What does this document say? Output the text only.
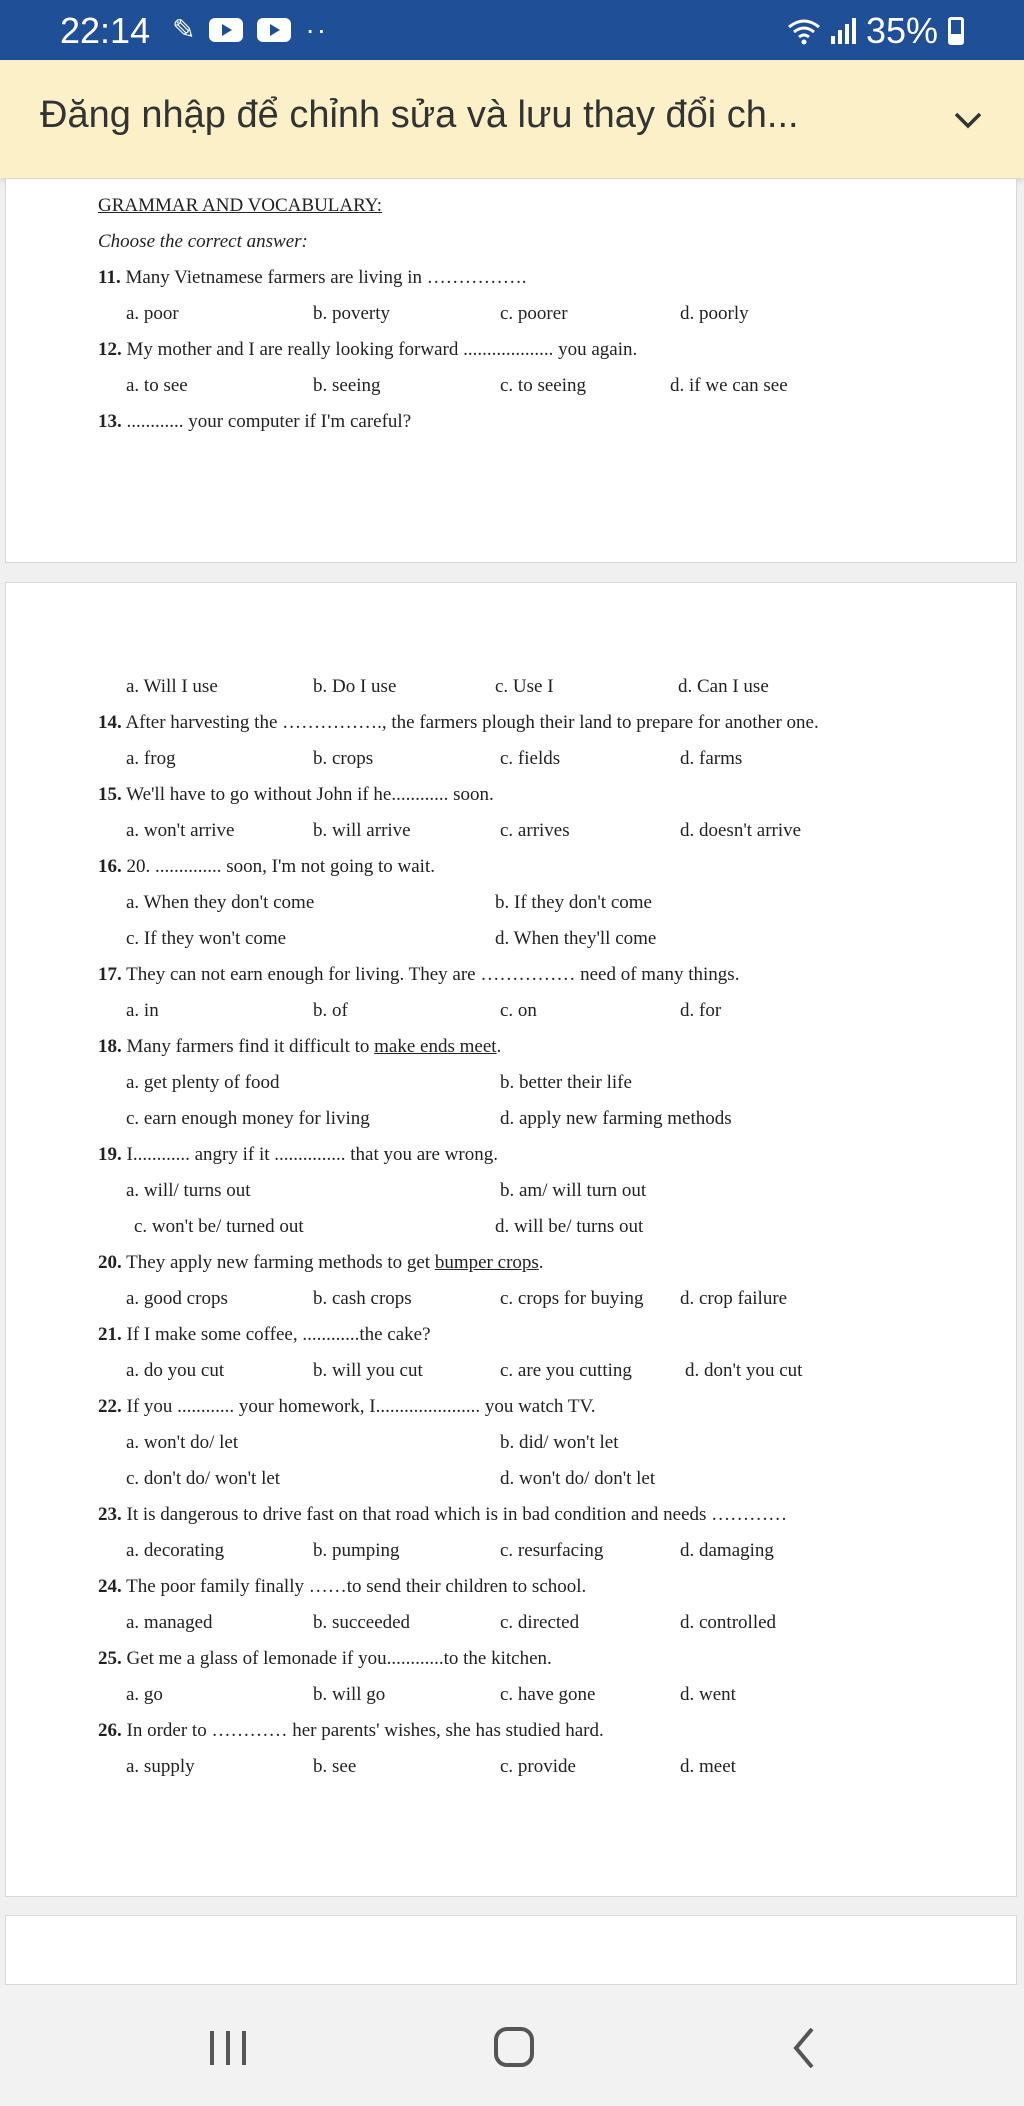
22:14 ✎	··	35%
Đăng nhập để chỉnh sửa và lưu thay đổi ch...
GRAMMAR AND VOCABULARY:
Choose the correct answer:
11. Many Vietnamese farmers are living in …………….
a. poor	b. poverty	c. poorer	d. poorly
12. My mother and I are really looking forward ................... you again.
a. to see	b. seeing	c. to seeing	d. if we can see
13. ............ your computer if I'm careful?
a. Will I use	b. Do I use	c. Use I	d. Can I use
14. After harvesting the ……………., the farmers plough their land to prepare for another one.
a. frog	b. crops	c. fields	d. farms
15. We'll have to go without John if he............ soon.
a. won't arrive	b. will arrive	c. arrives	d. doesn't arrive
16. 20. .............. soon, I'm not going to wait.
a. When they don't come	b. If they don't come
c. If they won't come	d. When they'll come
17. They can not earn enough for living. They are …………… need of many things.
a. in	b. of	c. on	d. for
18. Many farmers find it difficult to make ends meet.
a. get plenty of food	b. better their life
c. earn enough money for living	d. apply new farming methods
19. I............ angry if it ............... that you are wrong.
a. will/ turns out	b. am/ will turn out
c. won't be/ turned out	d. will be/ turns out
20. They apply new farming methods to get bumper crops.
a. good crops	b. cash crops	c. crops for buying d. crop failure
21. If I make some coffee, ............the cake?
a. do you cut	b. will you cut	c. are you cutting	d. don't you cut
22. If you ............ your homework, I...................... you watch TV.
a. won't do/ let	b. did/ won't let
c. don't do/ won't let	d. won't do/ don't let
23. It is dangerous to drive fast on that road which is in bad condition and needs …………
a. decorating	b. pumping	c. resurfacing	d. damaging
24. The poor family finally ……to send their children to school.
a. managed	b. succeeded	c. directed	d. controlled
25. Get me a glass of lemonade if you............to the kitchen.
a. go	b. will go	c. have gone	d. went
26. In order to ………… her parents' wishes, she has studied hard.
a. supply	b. see	c. provide	d. meet
